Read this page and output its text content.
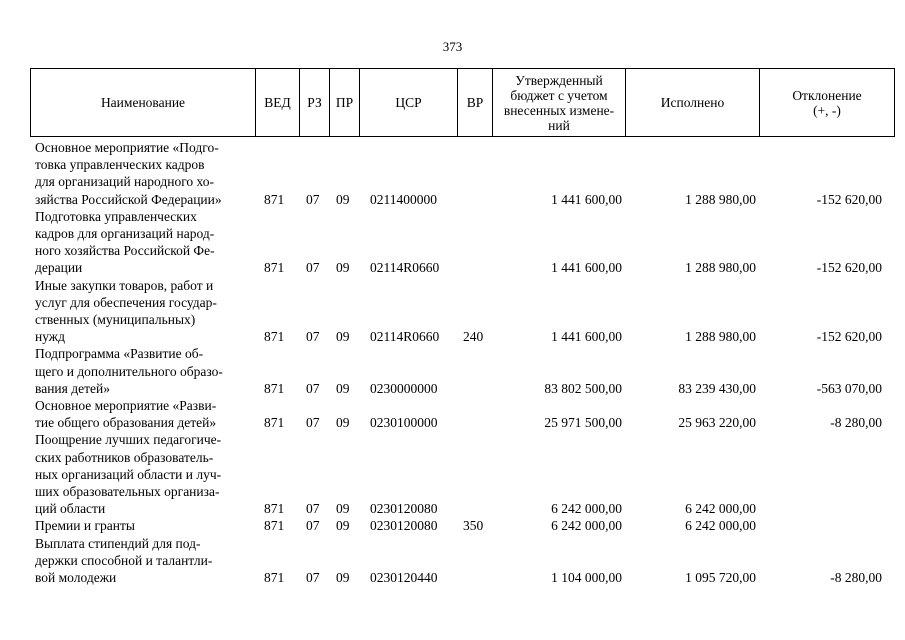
373
Наименование	ВЕД РЗ ПР	ЦСР	ВР
Утвержденный
бюджет с учетом
внесенных измене-
ний
Исполнено	Отклонение
(+, -)
Основное мероприятие «Подго-
товка управленческих кадров
для организаций народного хо-
зяйства Российской Федерации»	871 07 09 0211400000	1 441 600,00	1 288 980,00	-152 620,00
Подготовка управленческих
кадров для организаций народ-
ного хозяйства Российской Фе-
дерации	871 07 09 02114R0660	1 441 600,00	1 288 980,00	-152 620,00
Иные закупки товаров, работ и
услуг для обеспечения государ-
ственных (муниципальных)
нужд	871 07 09 02114R0660 240	1 441 600,00	1 288 980,00	-152 620,00
Подпрограмма «Развитие об-
щего и дополнительного образо-
вания детей»	871 07 09 0230000000	83 802 500,00	83 239 430,00	-563 070,00
Основное мероприятие «Разви-
тие общего образования детей»	871 07 09 0230100000	25 971 500,00	25 963 220,00	-8 280,00
Поощрение лучших педагогиче-
ских работников образователь-
ных организаций области и луч-
ших образовательных организа-
ций области	871 07 09 0230120080	6 242 000,00	6 242 000,00
Премии и гранты	871 07 09 0230120080 350	6 242 000,00	6 242 000,00
Выплата стипендий для под-
держки способной и талантли-
вой молодежи	871 07 09 0230120440	1 104 000,00	1 095 720,00	-8 280,00
